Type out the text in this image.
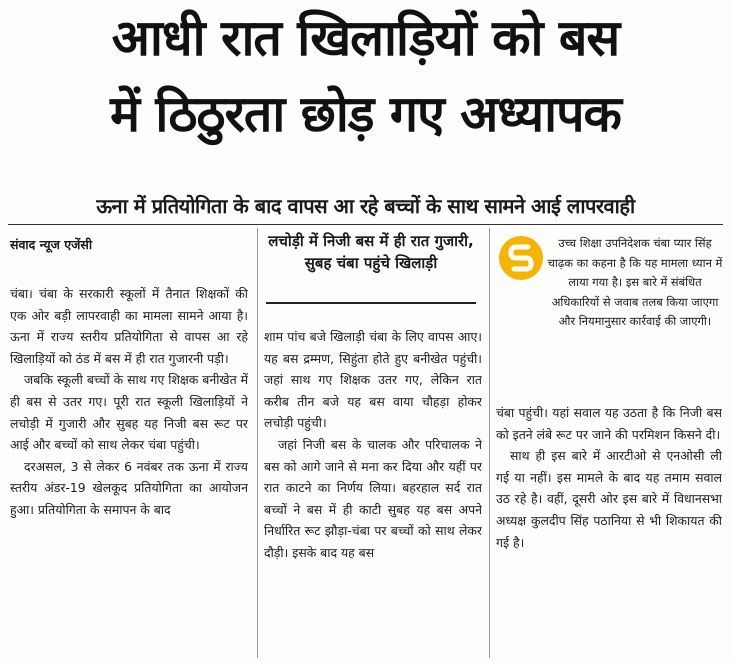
आधी रात खिलाड़ियों को बस
में ठिठुरता छोड़ गए अध्यापक
ऊना में प्रतियोगिता के बाद वापस आ रहे बच्चों के साथ सामने आई लापरवाही
संवाद न्यूज एजेंसी	लचोड़ी में निजी बस में ही रात गुजारी, सुबह चंबा पहुंचे खिलाड़ी

उच्च शिक्षा उपनिदेशक चंबा प्यार सिंह चाढ़क का कहना है कि यह मामला ध्यान में लाया गया है। इस बारे में संबंधित अधिकारियों से जवाब तलब किया जाएगा और नियमानुसार कार्रवाई की जाएगी।

चंबा। चंबा के सरकारी स्कूलों में तैनात शिक्षकों की एक ओर बड़ी लापरवाही का मामला सामने आया है। ऊना में राज्य स्तरीय प्रतियोगिता से वापस आ रहे खिलाड़ियों को ठंड में बस में ही रात गुजारनी पड़ी।

जबकि स्कूली बच्चों के साथ गए शिक्षक बनीखेत में ही बस से उतर गए। पूरी रात स्कूली खिलाड़ियों ने लचोड़ी में गुजारी और सुबह यह निजी बस रूट पर आई और बच्चों को साथ लेकर चंबा पहुंची।

दरअसल, 3 से लेकर 6 नवंबर तक ऊना में राज्य स्तरीय अंडर-19 खेलकूद प्रतियोगिता का आयोजन हुआ। प्रतियोगिता के समापन के बाद

शाम पांच बजे खिलाड़ी चंबा के लिए वापस आए। यह बस द्रम्मण, सिहुंता होते हुए बनीखेत पहुंची। जहां साथ गए शिक्षक उतर गए, लेकिन रात करीब तीन बजे यह बस वाया चौहड़ा होकर लचोड़ी पहुंची।

जहां निजी बस के चालक और परिचालक ने बस को आगे जाने से मना कर दिया और यहीं पर रात काटने का निर्णय लिया। बहरहाल सर्द रात बच्चों ने बस में ही काटी सुबह यह बस अपने निर्धारित रूट झौड़ा-चंबा पर बच्चों को साथ लेकर दौड़ी। इसके बाद यह बस

चंबा पहुंची। यहां सवाल यह उठता है कि निजी बस को इतने लंबे रूट पर जाने की परमिशन किसने दी।

साथ ही इस बारे में आरटीओ से एनओसी ली गई या नहीं। इस मामले के बाद यह तमाम सवाल उठ रहे है। वहीं, दूसरी ओर इस बारे में विधानसभा अध्यक्ष कुलदीप सिंह पठानिया से भी शिकायत की गई है।
